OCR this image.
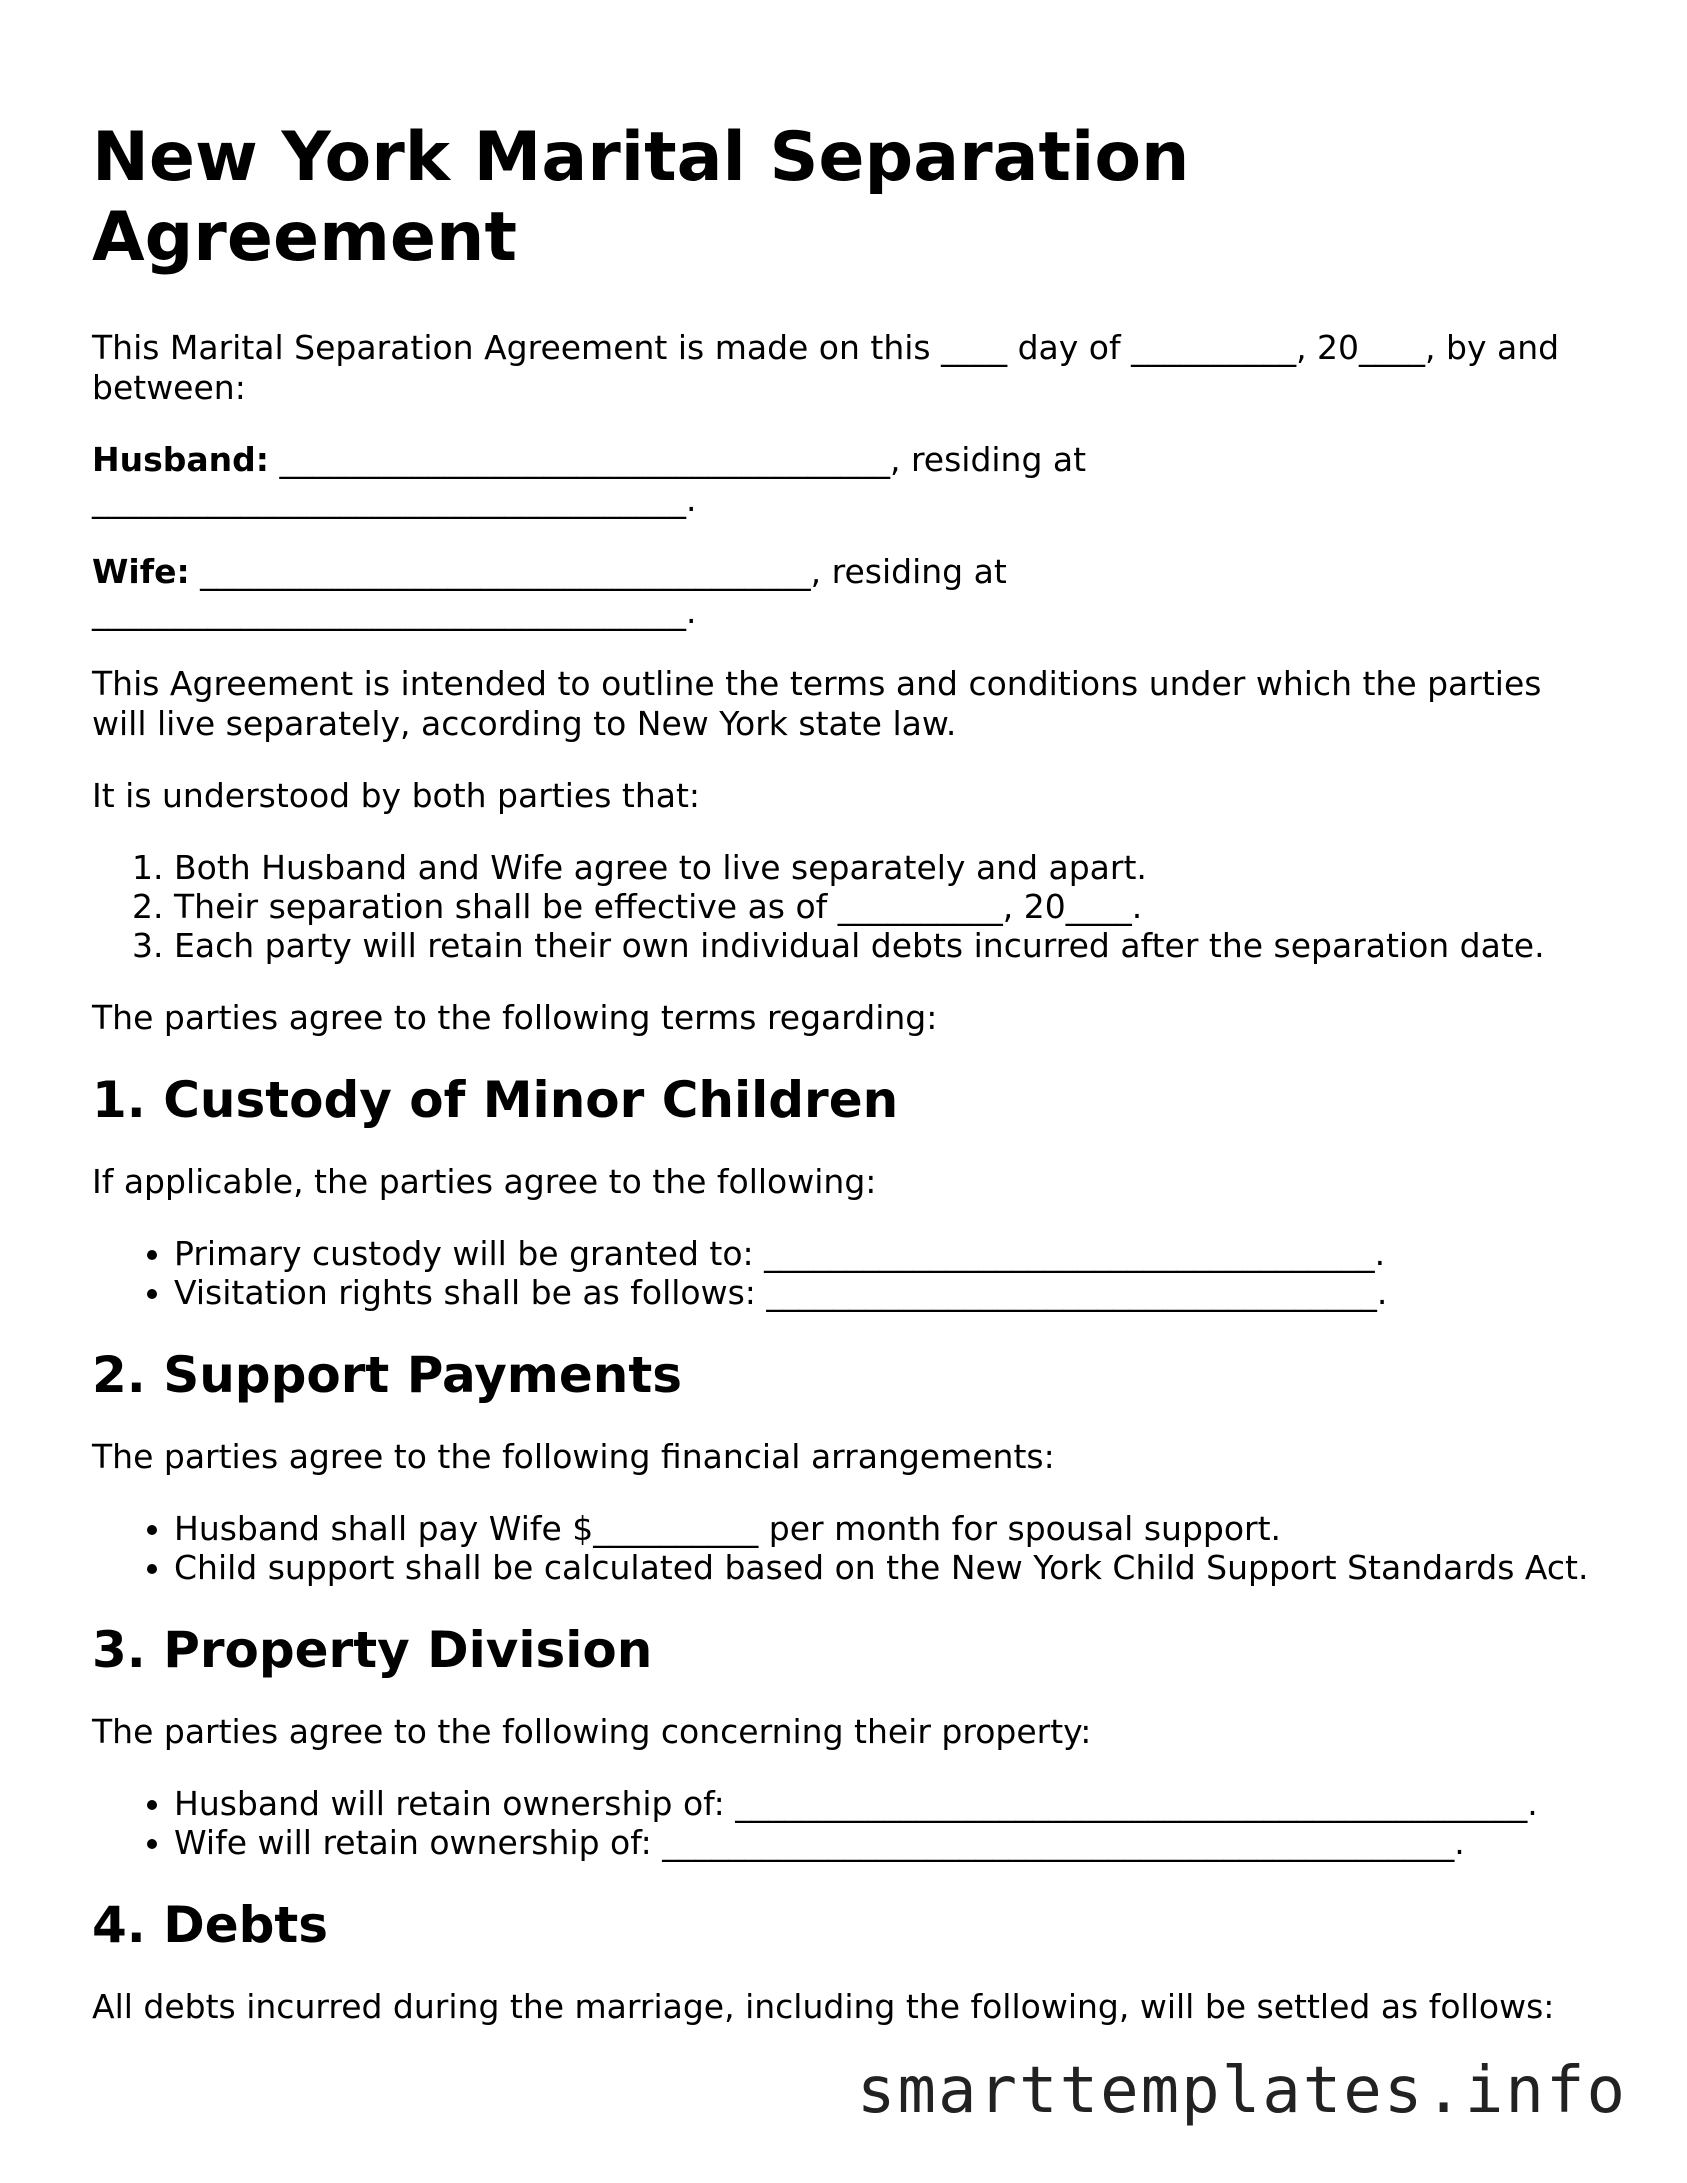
New York Marital Separation Agreement

This Marital Separation Agreement is made on this ____ day of __________, 20____, by and between:

Husband: _____________________________________, residing at ____________________________________.

Wife: _____________________________________, residing at ____________________________________.

This Agreement is intended to outline the terms and conditions under which the parties will live separately, according to New York state law.

It is understood by both parties that:

1. Both Husband and Wife agree to live separately and apart.
2. Their separation shall be effective as of __________, 20____.
3. Each party will retain their own individual debts incurred after the separation date.

The parties agree to the following terms regarding:

1. Custody of Minor Children

If applicable, the parties agree to the following:

• Primary custody will be granted to: _____________________________________.
• Visitation rights shall be as follows: _____________________________________.
2. Support Payments

The parties agree to the following financial arrangements:

• Husband shall pay Wife $__________ per month for spousal support.
• Child support shall be calculated based on the New York Child Support Standards Act.
3. Property Division

The parties agree to the following concerning their property:

• Husband will retain ownership of: ________________________________________________.
• Wife will retain ownership of: ________________________________________________.
4. Debts

All debts incurred during the marriage, including the following, will be settled as follows:

smarttemplates.info
